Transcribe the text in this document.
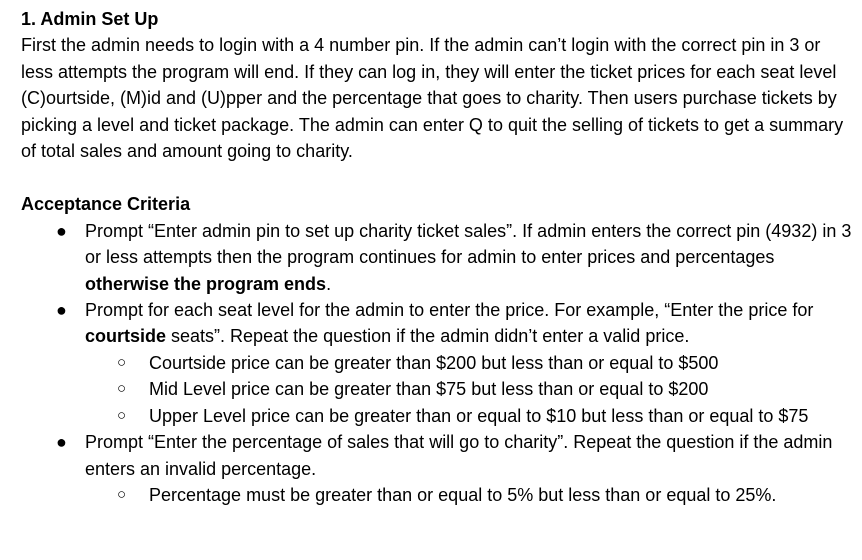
1. Admin Set Up

First the admin needs to login with a 4 number pin. If the admin can’t login with the correct pin in 3 or less attempts the program will end. If they can log in, they will enter the ticket prices for each seat level (C)ourtside, (M)id and (U)pper and the percentage that goes to charity. Then users purchase tickets by picking a level and ticket package. The admin can enter Q to quit the selling of tickets to get a summary of total sales and amount going to charity.

Acceptance Criteria

● Prompt “Enter admin pin to set up charity ticket sales”. If admin enters the correct pin (4932) in 3 or less attempts then the program continues for admin to enter prices and percentages otherwise the program ends.
● Prompt for each seat level for the admin to enter the price. For example, “Enter the price for courtside seats”. Repeat the question if the admin didn’t enter a valid price.
○ Courtside price can be greater than $200 but less than or equal to $500
○ Mid Level price can be greater than $75 but less than or equal to $200
○ Upper Level price can be greater than or equal to $10 but less than or equal to $75
● Prompt “Enter the percentage of sales that will go to charity”. Repeat the question if the admin enters an invalid percentage.
○ Percentage must be greater than or equal to 5% but less than or equal to 25%.
